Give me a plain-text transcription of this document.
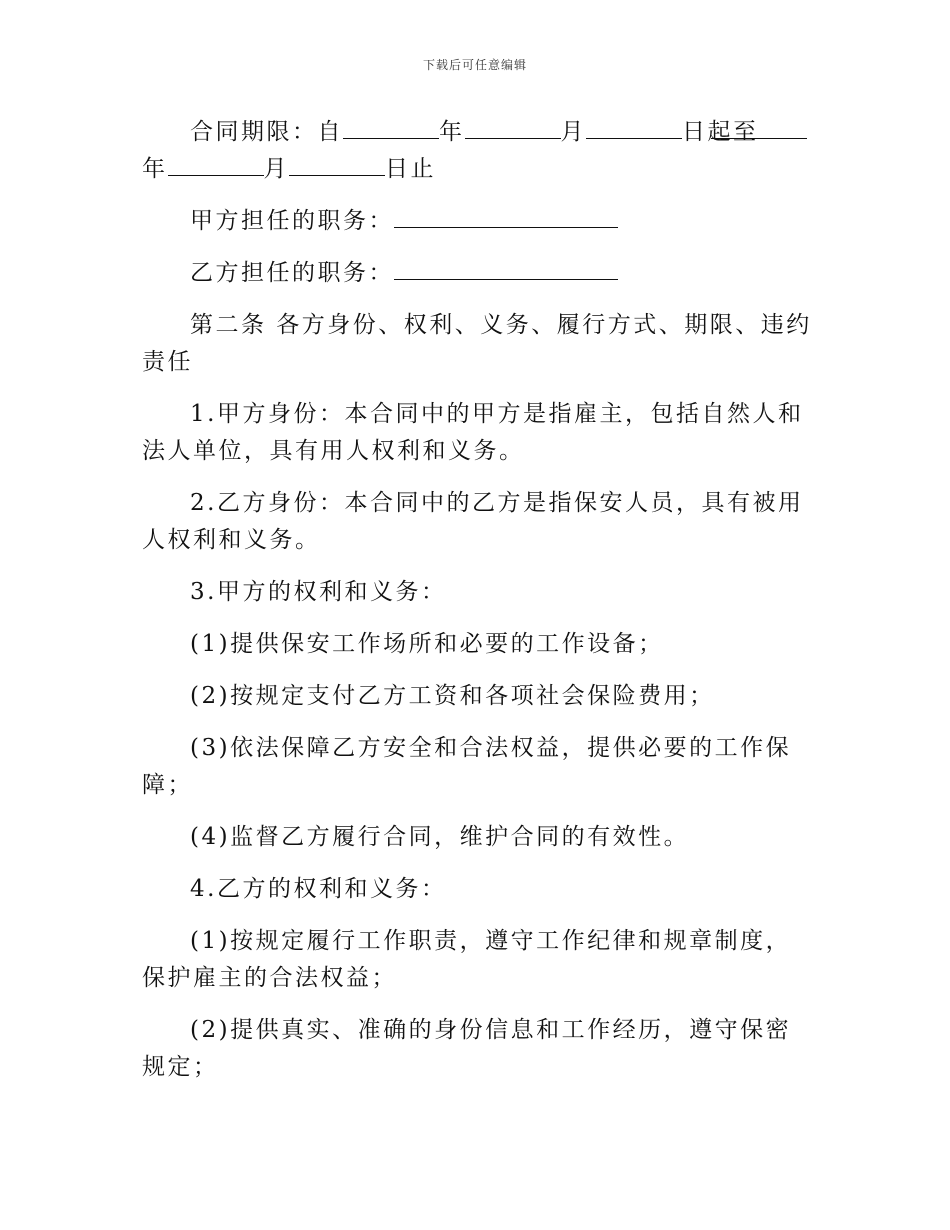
下载后可任意编辑

合同期限：自	年	月	日起至年	月	日止

甲方担任的职务：

乙方担任的职务：

第二条 各方身份、权利、义务、履行方式、期限、违约责任

1.甲方身份：本合同中的甲方是指雇主，包括自然人和法人单位，具有用人权利和义务。

2.乙方身份：本合同中的乙方是指保安人员，具有被用人权利和义务。

3.甲方的权利和义务：

(1)提供保安工作场所和必要的工作设备；

(2)按规定支付乙方工资和各项社会保险费用；

(3)依法保障乙方安全和合法权益，提供必要的工作保障；

(4)监督乙方履行合同，维护合同的有效性。

4.乙方的权利和义务：

(1)按规定履行工作职责，遵守工作纪律和规章制度，保护雇主的合法权益；

(2)提供真实、准确的身份信息和工作经历，遵守保密规定；
